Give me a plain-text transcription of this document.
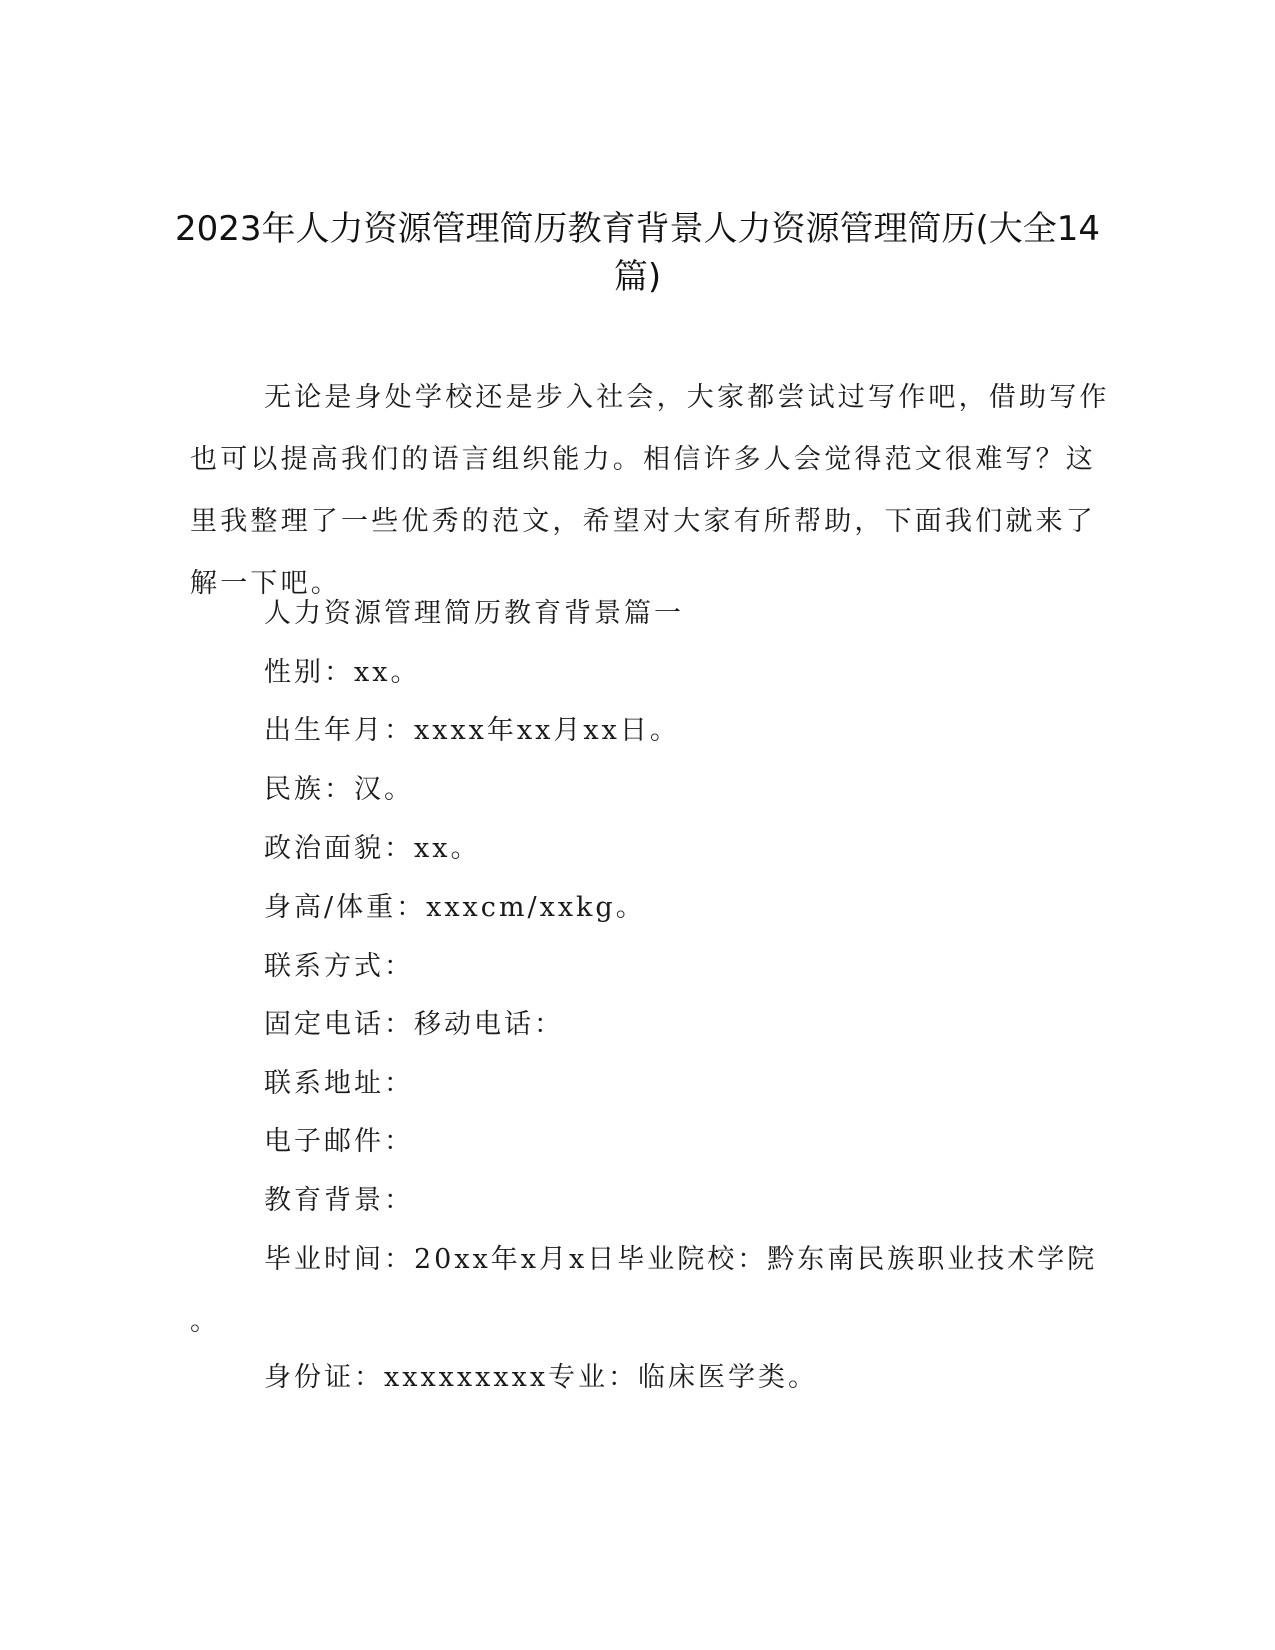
2023年人力资源管理简历教育背景人力资源管理简历(大全14
篇)
无论是身处学校还是步入社会，大家都尝试过写作吧，借助写作
也可以提高我们的语言组织能力。相信许多人会觉得范文很难写？这
里我整理了一些优秀的范文，希望对大家有所帮助，下面我们就来了
解一下吧。
人力资源管理简历教育背景篇一
性别：xx。
出生年月：xxxx年xx月xx日。
民族：汉。
政治面貌：xx。
身高/体重：xxxcm/xxkg。
联系方式：
固定电话：移动电话：
联系地址：
电子邮件：
教育背景：
毕业时间：20xx年x月x日毕业院校：黔东南民族职业技术学院
。
身份证：xxxxxxxxx专业：临床医学类。
